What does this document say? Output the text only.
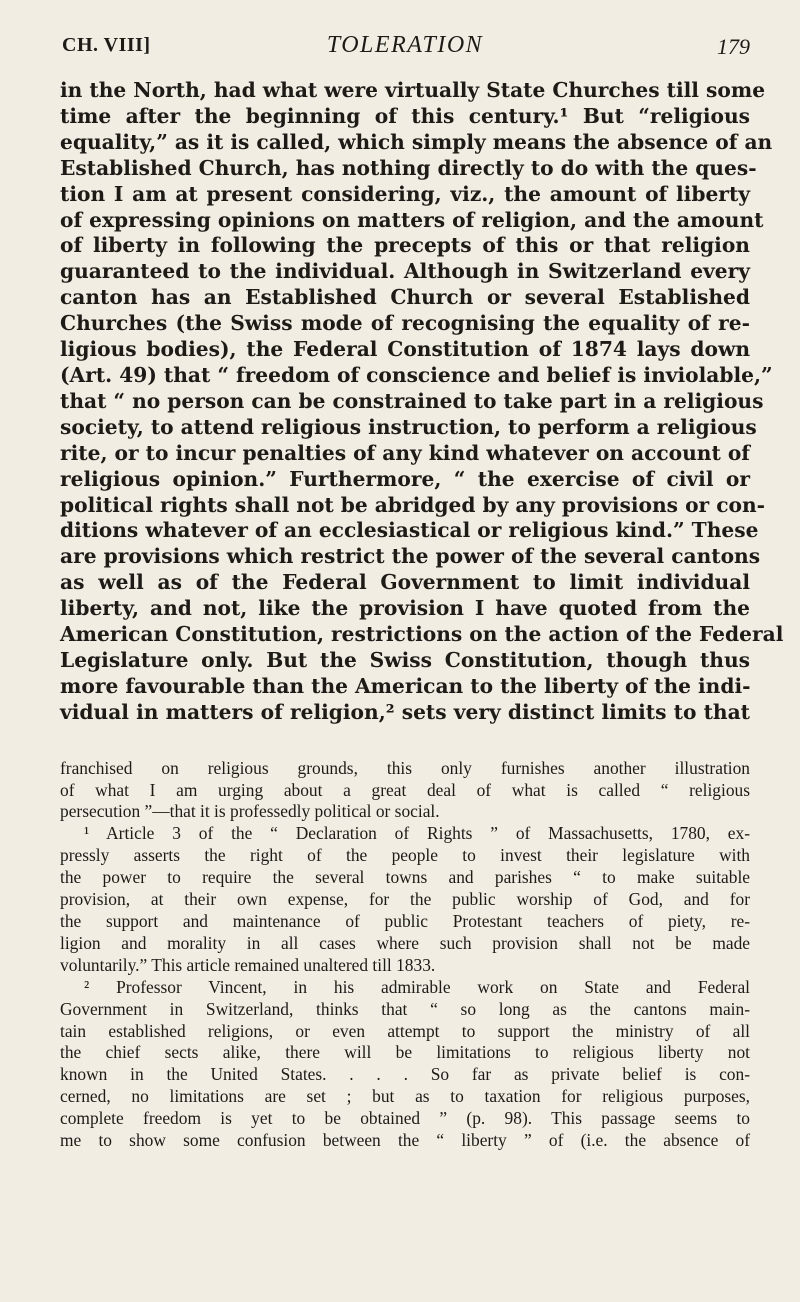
CH. VIII]	TOLERATION	179
in the North, had what were virtually State Churches till some
time after the beginning of this century.¹ But “religious
equality,” as it is called, which simply means the absence of an
Established Church, has nothing directly to do with the ques-
tion I am at present considering, viz., the amount of liberty
of expressing opinions on matters of religion, and the amount
of liberty in following the precepts of this or that religion
guaranteed to the individual. Although in Switzerland every
canton has an Established Church or several Established
Churches (the Swiss mode of recognising the equality of re-
ligious bodies), the Federal Constitution of 1874 lays down
(Art. 49) that “ freedom of conscience and belief is inviolable,”
that “ no person can be constrained to take part in a religious
society, to attend religious instruction, to perform a religious
rite, or to incur penalties of any kind whatever on account of
religious opinion.” Furthermore, “ the exercise of civil or
political rights shall not be abridged by any provisions or con-
ditions whatever of an ecclesiastical or religious kind.” These
are provisions which restrict the power of the several cantons
as well as of the Federal Government to limit individual
liberty, and not, like the provision I have quoted from the
American Constitution, restrictions on the action of the Federal
Legislature only. But the Swiss Constitution, though thus
more favourable than the American to the liberty of the indi-
vidual in matters of religion,² sets very distinct limits to that
franchised on religious grounds, this only furnishes another illustration
of what I am urging about a great deal of what is called “ religious
persecution ”—that it is professedly political or social.
¹ Article 3 of the “ Declaration of Rights ” of Massachusetts, 1780, ex-
pressly asserts the right of the people to invest their legislature with
the power to require the several towns and parishes “ to make suitable
provision, at their own expense, for the public worship of God, and for
the support and maintenance of public Protestant teachers of piety, re-
ligion and morality in all cases where such provision shall not be made
voluntarily.” This article remained unaltered till 1833.
² Professor Vincent, in his admirable work on State and Federal
Government in Switzerland, thinks that “ so long as the cantons main-
tain established religions, or even attempt to support the ministry of all
the chief sects alike, there will be limitations to religious liberty not
known in the United States. . . . So far as private belief is con-
cerned, no limitations are set ; but as to taxation for religious purposes,
complete freedom is yet to be obtained ” (p. 98). This passage seems to
me to show some confusion between the “ liberty ” of (i.e. the absence of
